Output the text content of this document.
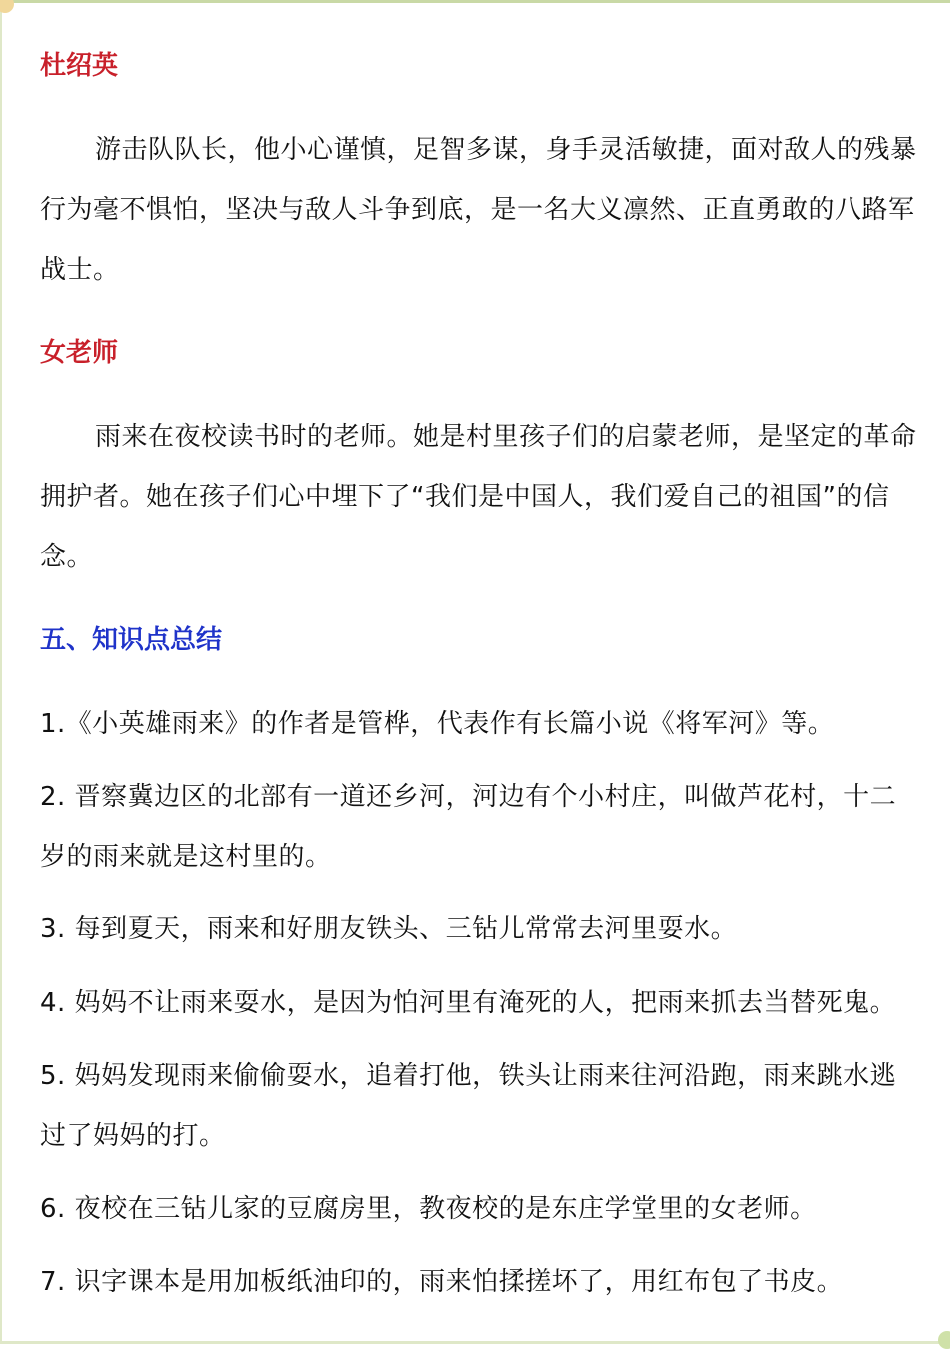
杜绍英
游击队队长，他小心谨慎，足智多谋，身手灵活敏捷，面对敌人的残暴行为毫不惧怕，坚决与敌人斗争到底，是一名大义凛然、正直勇敢的八路军战士。
女老师
雨来在夜校读书时的老师。她是村里孩子们的启蒙老师，是坚定的革命拥护者。她在孩子们心中埋下了“我们是中国人，我们爱自己的祖国”的信念。
五、知识点总结
1.《小英雄雨来》的作者是管桦，代表作有长篇小说《将军河》等。
2. 晋察冀边区的北部有一道还乡河，河边有个小村庄，叫做芦花村，十二岁的雨来就是这村里的。
3. 每到夏天，雨来和好朋友铁头、三钻儿常常去河里耍水。
4. 妈妈不让雨来耍水，是因为怕河里有淹死的人，把雨来抓去当替死鬼。
5. 妈妈发现雨来偷偷耍水，追着打他，铁头让雨来往河沿跑，雨来跳水逃过了妈妈的打。
6. 夜校在三钻儿家的豆腐房里，教夜校的是东庄学堂里的女老师。
7. 识字课本是用加板纸油印的，雨来怕揉搓坏了，用红布包了书皮。
